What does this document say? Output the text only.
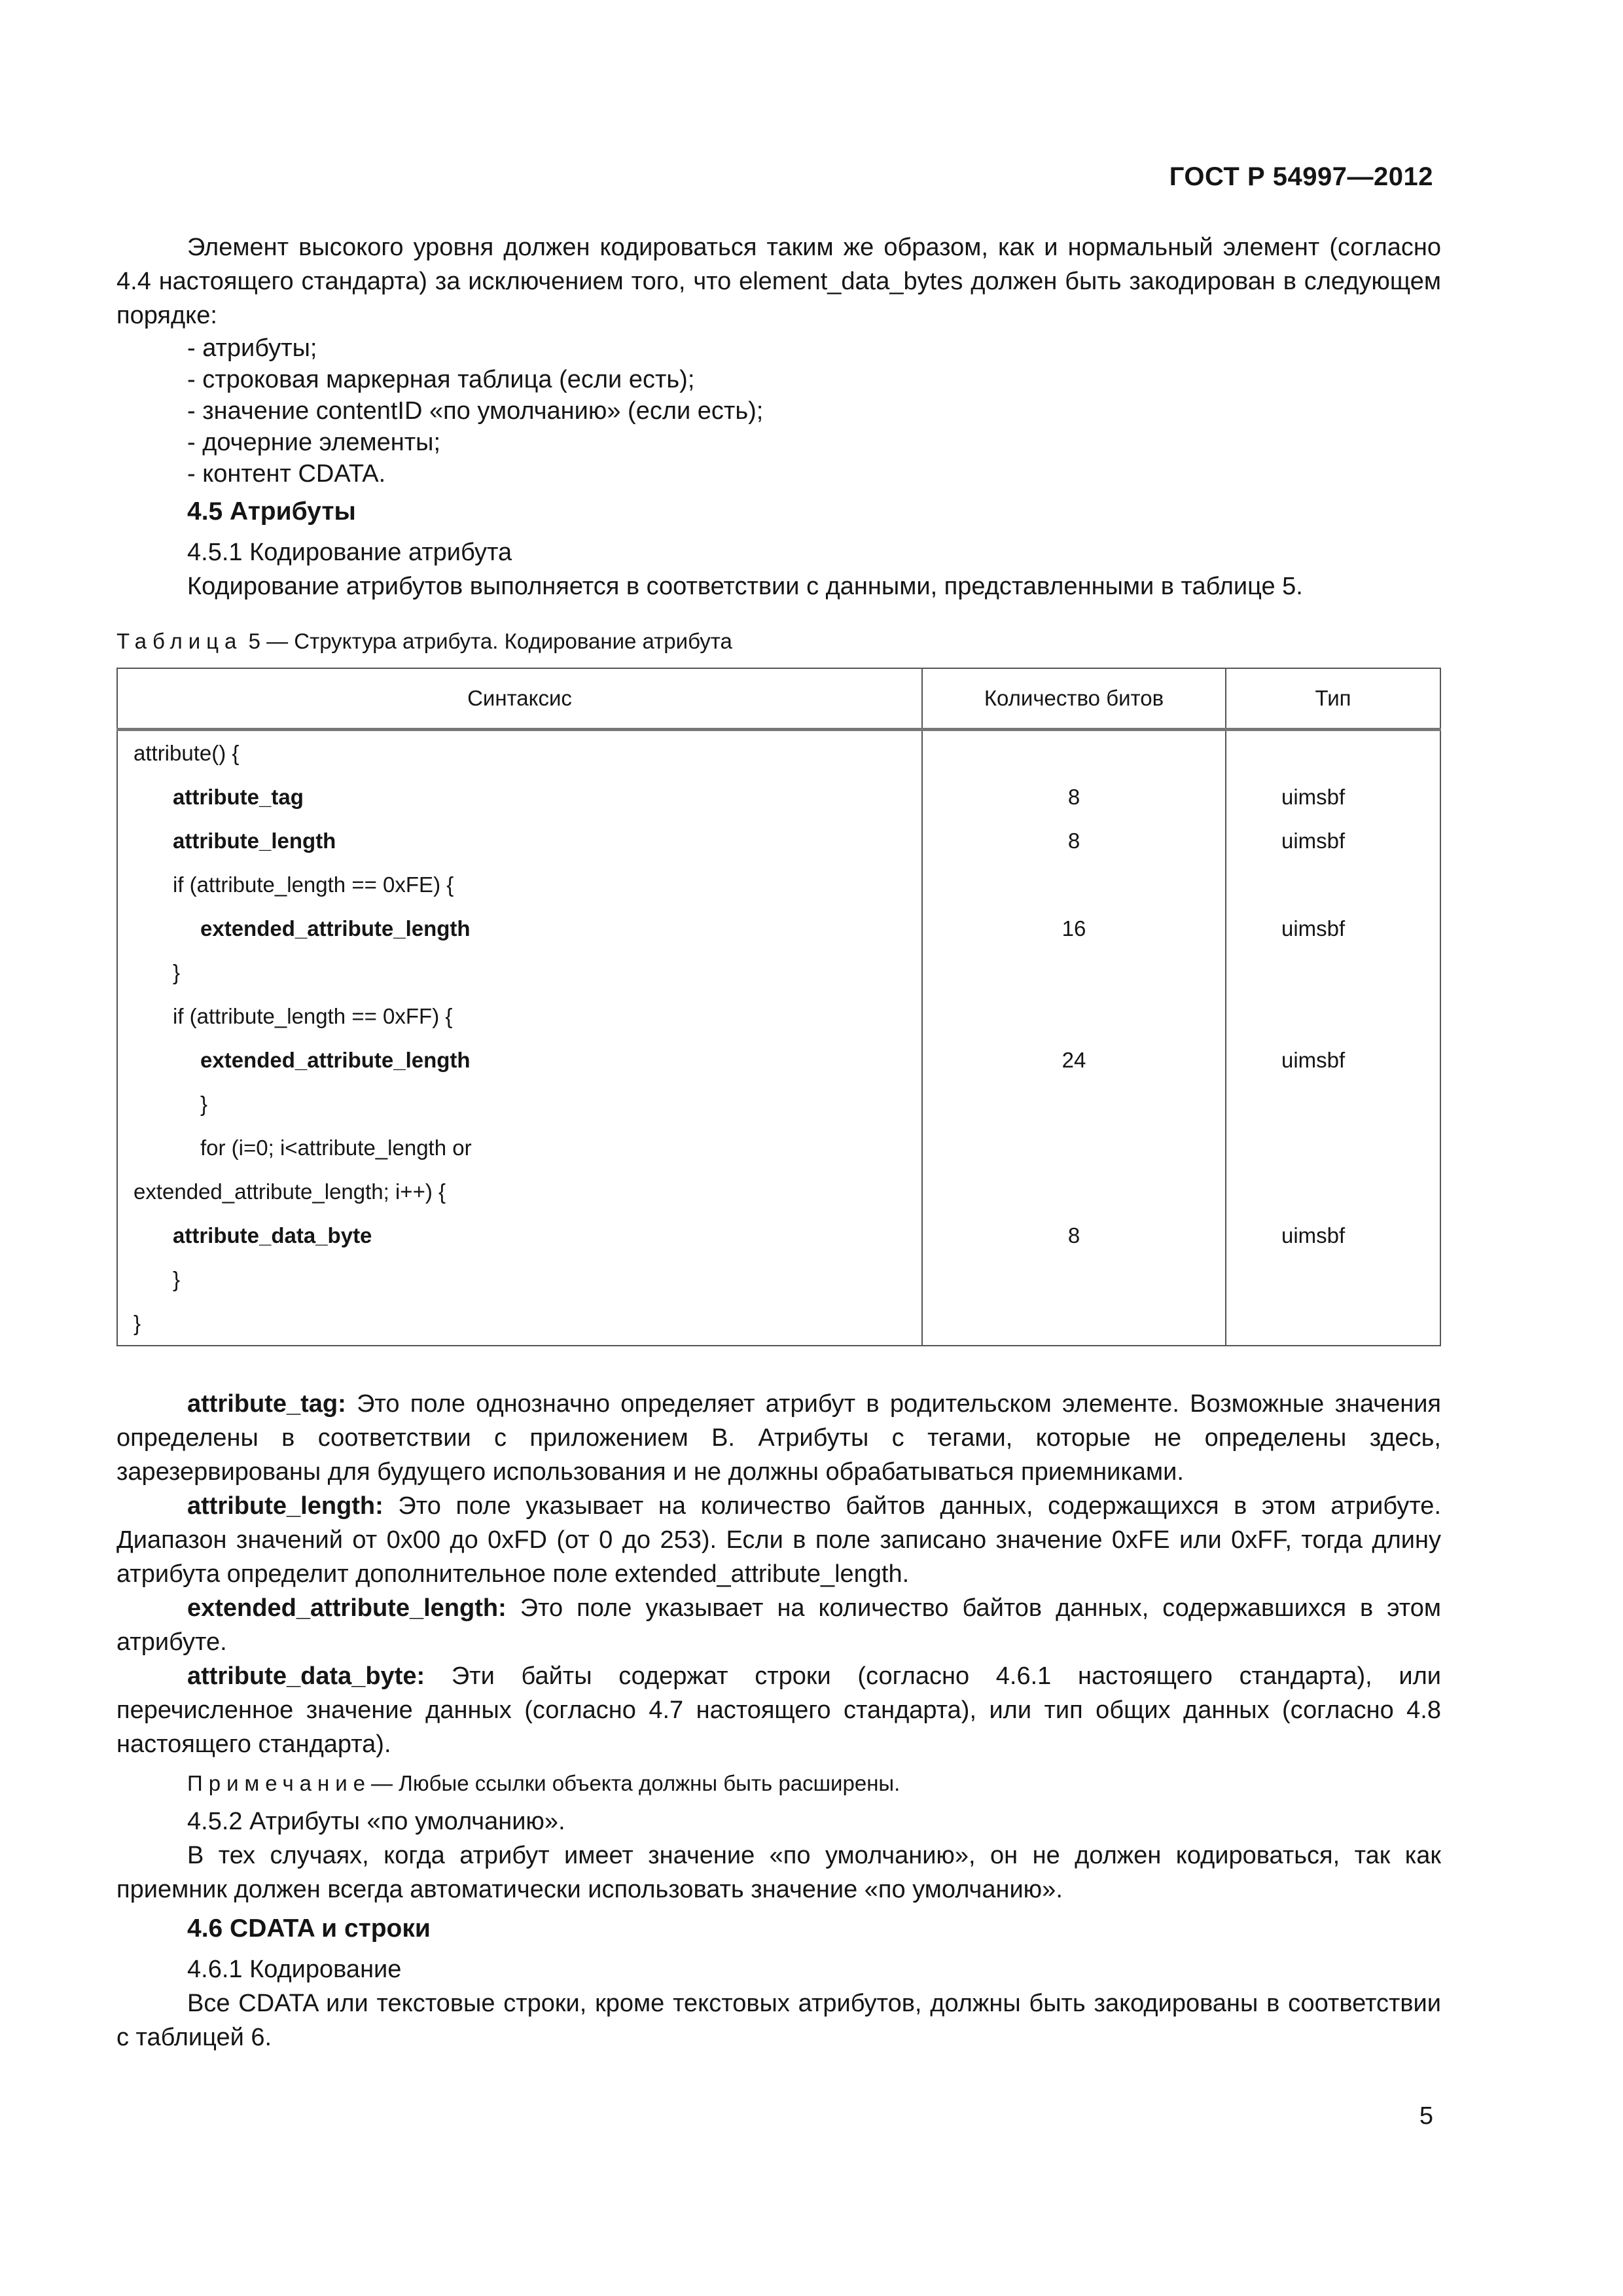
ГОСТ Р 54997—2012

Элемент высокого уровня должен кодироваться таким же образом, как и нормальный элемент (согласно 4.4 настоящего стандарта) за исключением того, что element_data_bytes должен быть закодирован в следующем порядке:

- атрибуты;
- строковая маркерная таблица (если есть);
- значение contentID «по умолчанию» (если есть);
- дочерние элементы;
- контент CDATA.
4.5 Атрибуты
4.5.1 Кодирование атрибута

Кодирование атрибутов выполняется в соответствии с данными, представленными в таблице 5.

Таблица 5 — Структура атрибута. Кодирование атрибута
Синтаксис	Количество битов	Тип
attribute() {		
attribute_tag	8	uimsbf
attribute_length	8	uimsbf
if (attribute_length == 0xFE) {		
extended_attribute_length	16	uimsbf
}		
if (attribute_length == 0xFF) {		
extended_attribute_length	24	uimsbf
}		
for (i=0; i<attribute_length or		
extended_attribute_length; i++) {		
attribute_data_byte	8	uimsbf
}		
}		

attribute_tag: Это поле однозначно определяет атрибут в родительском элементе. Возможные значения определены в соответствии с приложением В. Атрибуты с тегами, которые не определены здесь, зарезервированы для будущего использования и не должны обрабатываться приемниками.

attribute_length: Это поле указывает на количество байтов данных, содержащихся в этом атрибуте. Диапазон значений от 0x00 до 0xFD (от 0 до 253). Если в поле записано значение 0xFE или 0xFF, тогда длину атрибута определит дополнительное поле extended_attribute_length.

extended_attribute_length: Это поле указывает на количество байтов данных, содержавшихся в этом атрибуте.

attribute_data_byte: Эти байты содержат строки (согласно 4.6.1 настоящего стандарта), или перечисленное значение данных (согласно 4.7 настоящего стандарта), или тип общих данных (согласно 4.8 настоящего стандарта).

Примечание— Любые ссылки объекта должны быть расширены.
4.5.2 Атрибуты «по умолчанию».

В тех случаях, когда атрибут имеет значение «по умолчанию», он не должен кодироваться, так как приемник должен всегда автоматически использовать значение «по умолчанию».

4.6 CDATA и строки
4.6.1 Кодирование

Все CDATA или текстовые строки, кроме текстовых атрибутов, должны быть закодированы в соответствии с таблицей 6.

5
